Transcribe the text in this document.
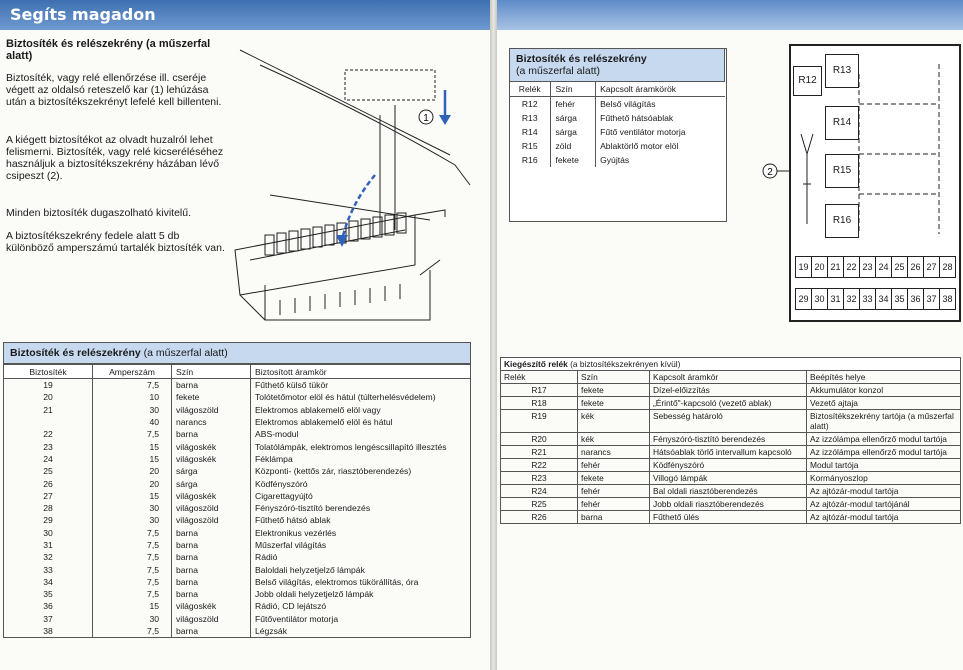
Segíts magadon
Biztosíték és relészekrény (a műszerfal alatt)
Biztosíték, vagy relé ellenőrzése ill. cseréje végett az oldalsó reteszelő kar (1) lehúzása után a biztosítékszekrényt lefelé kell billenteni.
A kiégett biztosítékot az olvadt huzalról lehet felismerni. Biztosíték, vagy relé kicseréléséhez használjuk a biztosítékszekrény házában lévő csipeszt (2).
Minden biztosíték dugaszolható kivitelű.
A biztosítékszekrény fedele alatt 5 db különböző amperszámú tartalék biztosíték van.
1
Biztosíték és relészekrény (a műszerfal alatt)
Biztosíték	Amperszám	Szín	Biztosított áramkör
19	7,5	barna	Fűthető külső tükör
20	10	fekete	Tolótetőmotor elöl és hátul (túlterhelésvédelem)
21	30	világoszöld	Elektromos ablakemelő elöl vagy
	40	narancs	Elektromos ablakemelő elöl és hátul
22	7,5	barna	ABS-modul
23	15	világoskék	Tolatólámpák, elektromos lengéscsillapító illesztés
24	15	világoskék	Féklámpa
25	20	sárga	Központi- (kettős zár, riasztóberendezés)
26	20	sárga	Ködfényszóró
27	15	világoskék	Cigarettagyújtó
28	30	világoszöld	Fényszóró-tisztító berendezés
29	30	világoszöld	Fűthető hátsó ablak
30	7,5	barna	Elektronikus vezérlés
31	7,5	barna	Műszerfal világítás
32	7,5	barna	Rádió
33	7,5	barna	Baloldali helyzetjelző lámpák
34	7,5	barna	Belső világítás, elektromos tükörállítás, óra
35	7,5	barna	Jobb oldali helyzetjelző lámpák
36	15	világoskék	Rádió, CD lejátszó
37	30	világoszöld	Fűtőventilátor motorja
38	7,5	barna	Légzsák
Biztosíték és relészekrény
(a műszerfal alatt)
Relék	Szín	Kapcsolt áramkörök
R12	fehér	Belső világítás
R13	sárga	Fűthető hátsóablak
R14	sárga	Fűtő ventilátor motorja
R15	zöld	Ablaktörlő motor elöl
R16	fekete	Gyújtás
2
R12
R13
R14
R15
R16
19 20 21 22 23 24 25 26 27 28
29 30 31 32 33 34 35 36 37 38
Kiegészítő relék (a biztosítékszekrényen kívül)
Relék	Szín	Kapcsolt áramkör	Beépítés helye
R17	fekete	Dízel-előizzítás	Akkumulátor konzol
R18	fekete	„Érintő"-kapcsoló (vezető ablak)	Vezető ajtaja
R19	kék	Sebesség határoló	Biztosítékszekrény tartója (a műszerfal alatt)
R20	kék	Fényszóró-tisztító berendezés	Az izzólámpa ellenőrző modul tartója
R21	narancs	Hátsóablak törlő intervallum kapcsoló	Az izzólámpa ellenőrző modul tartója
R22	fehér	Ködfényszóró	Modul tartója
R23	fekete	Villogó lámpák	Kormányoszlop
R24	fehér	Bal oldali riasztóberendezés	Az ajtózár-modul tartója
R25	fehér	Jobb oldali riasztóberendezés	Az ajtózár-modul tartójánál
R26	barna	Fűthető ülés	Az ajtózár-modul tartója
